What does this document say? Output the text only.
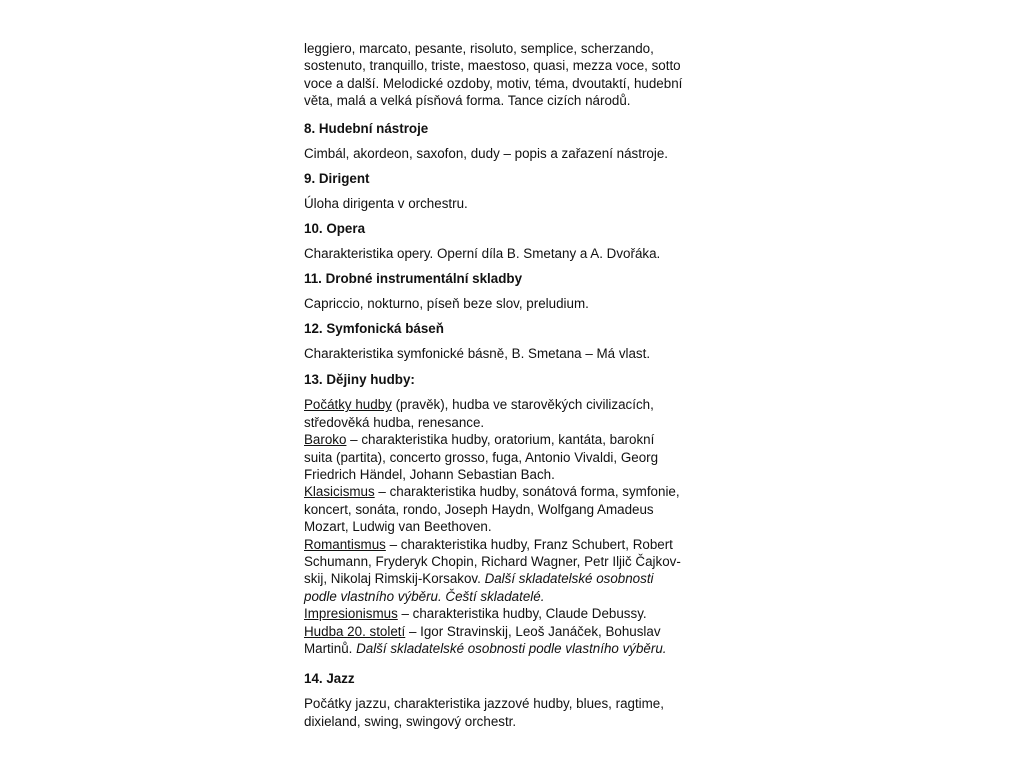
leggiero, marcato, pesante, risoluto, semplice, scherzando,
sostenuto, tranquillo, triste, maestoso, quasi, mezza voce, sotto
voce a další. Melodické ozdoby, motiv, téma, dvoutaktí, hudební
věta, malá a velká písňová forma. Tance cizích národů.
8. Hudební nástroje
Cimbál, akordeon, saxofon, dudy – popis a zařazení nástroje.
9. Dirigent
Úloha dirigenta v orchestru.
10. Opera
Charakteristika opery. Operní díla B. Smetany a A. Dvořáka.
11. Drobné instrumentální skladby
Capriccio, nokturno, píseň beze slov, preludium.
12. Symfonická báseň
Charakteristika symfonické básně, B. Smetana – Má vlast.
13. Dějiny hudby:
Počátky hudby (pravěk), hudba ve starověkých civilizacích,
středověká hudba, renesance.
Baroko – charakteristika hudby, oratorium, kantáta, barokní
suita (partita), concerto grosso, fuga, Antonio Vivaldi, Georg
Friedrich Händel, Johann Sebastian Bach.
Klasicismus – charakteristika hudby, sonátová forma, symfonie,
koncert, sonáta, rondo, Joseph Haydn, Wolfgang Amadeus
Mozart, Ludwig van Beethoven.
Romantismus – charakteristika hudby, Franz Schubert, Robert
Schumann, Fryderyk Chopin, Richard Wagner, Petr Iljič Čajkov-
skij, Nikolaj Rimskij-Korsakov. Další skladatelské osobnosti
podle vlastního výběru. Čeští skladatelé.
Impresionismus – charakteristika hudby, Claude Debussy.
Hudba 20. století – Igor Stravinskij, Leoš Janáček, Bohuslav
Martinů. Další skladatelské osobnosti podle vlastního výběru.
14. Jazz
Počátky jazzu, charakteristika jazzové hudby, blues, ragtime,
dixieland, swing, swingový orchestr.
